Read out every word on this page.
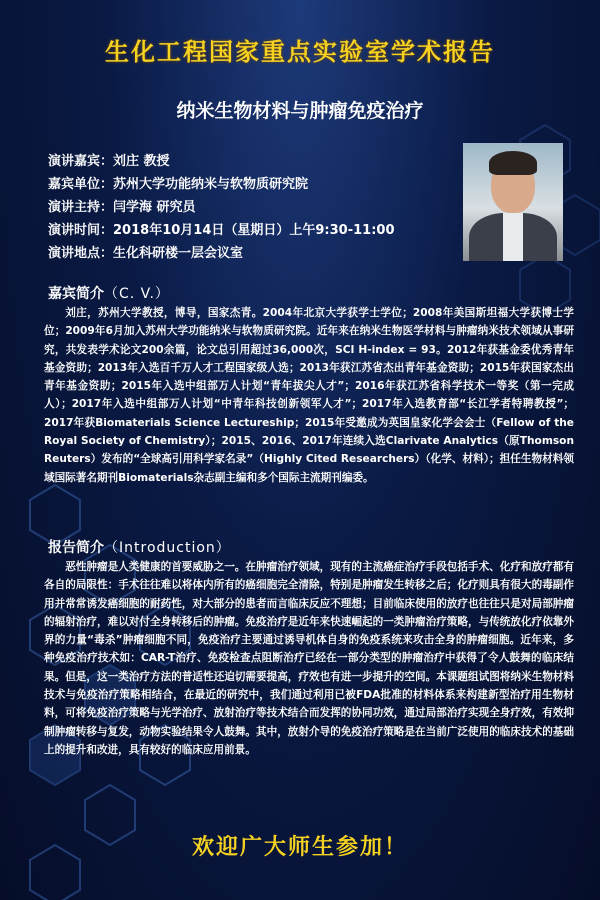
生化工程国家重点实验室学术报告
纳米生物材料与肿瘤免疫治疗
演讲嘉宾：刘庄 教授
嘉宾单位：苏州大学功能纳米与软物质研究院
演讲主持：闫学海 研究员
演讲时间：2018年10月14日（星期日）上午9:30-11:00
演讲地点：生化科研楼一层会议室
嘉宾简介（C. V.）
刘庄，苏州大学教授，博导，国家杰青。2004年北京大学获学士学位；2008年美国斯坦福大学获博士学位；2009年6月加入苏州大学功能纳米与软物质研究院。近年来在纳米生物医学材料与肿瘤纳米技术领域从事研究，共发表学术论文200余篇，论文总引用超过36,000次，SCI H-index = 93。2012年获基金委优秀青年基金资助；2013年入选百千万人才工程国家级人选；2013年获江苏省杰出青年基金资助；2015年获国家杰出青年基金资助；2015年入选中组部万人计划“青年拔尖人才”；2016年获江苏省科学技术一等奖（第一完成人）；2017年入选中组部万人计划“中青年科技创新领军人才”；2017年入选教育部“长江学者特聘教授”；2017年获Biomaterials Science Lectureship；2015年受邀成为英国皇家化学会会士（Fellow of the Royal Society of Chemistry）；2015、2016、2017年连续入选Clarivate Analytics（原Thomson Reuters）发布的“全球高引用科学家名录”（Highly Cited Researchers）（化学、材料）；担任生物材料领域国际著名期刊Biomaterials杂志副主编和多个国际主流期刊编委。
报告简介（Introduction）
恶性肿瘤是人类健康的首要威胁之一。在肿瘤治疗领域，现有的主流癌症治疗手段包括手术、化疗和放疗都有各自的局限性：手术往往难以将体内所有的癌细胞完全清除，特别是肿瘤发生转移之后；化疗则具有很大的毒副作用并常常诱发癌细胞的耐药性，对大部分的患者而言临床反应不理想；目前临床使用的放疗也往往只是对局部肿瘤的辐射治疗，难以对付全身转移后的肿瘤。免疫治疗是近年来快速崛起的一类肿瘤治疗策略，与传统放化疗依靠外界的力量“毒杀”肿瘤细胞不同，免疫治疗主要通过诱导机体自身的免疫系统来攻击全身的肿瘤细胞。近年来，多种免疫治疗技术如：CAR-T治疗、免疫检查点阻断治疗已经在一部分类型的肿瘤治疗中获得了令人鼓舞的临床结果。但是，这一类治疗方法的普适性还迫切需要提高，疗效也有进一步提升的空间。本课题组试图将纳米生物材料技术与免疫治疗策略相结合，在最近的研究中，我们通过利用已被FDA批准的材料体系来构建新型治疗用生物材料，可将免疫治疗策略与光学治疗、放射治疗等技术结合而发挥的协同功效，通过局部治疗实现全身疗效，有效抑制肿瘤转移与复发，动物实验结果令人鼓舞。其中，放射介导的免疫治疗策略是在当前广泛使用的临床技术的基础上的提升和改进，具有较好的临床应用前景。
欢迎广大师生参加！
